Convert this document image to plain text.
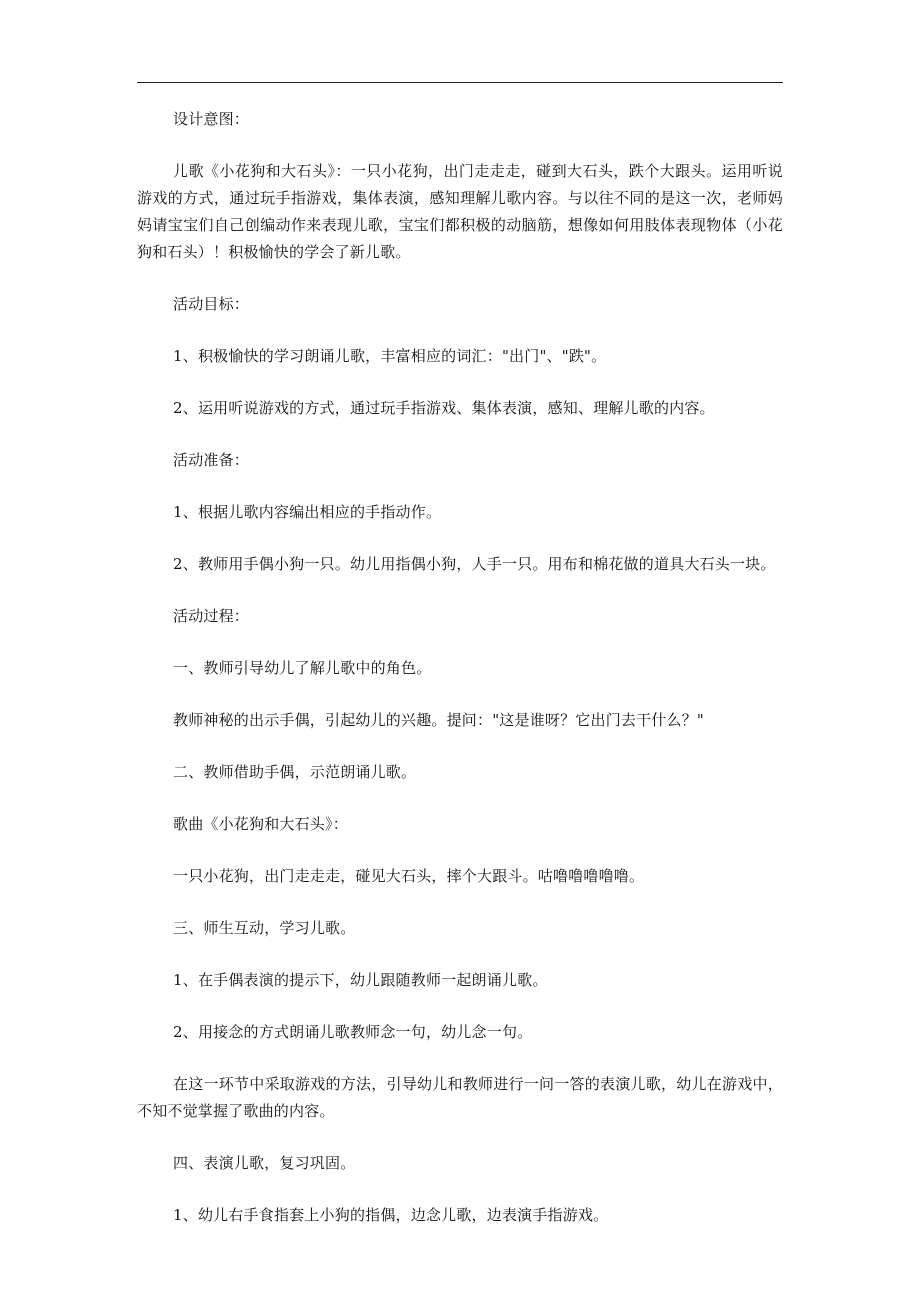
设计意图：

儿歌《小花狗和大石头》：一只小花狗，出门走走走，碰到大石头，跌个大跟头。运用听说游戏的方式，通过玩手指游戏，集体表演，感知理解儿歌内容。与以往不同的是这一次，老师妈妈请宝宝们自己创编动作来表现儿歌，宝宝们都积极的动脑筋，想像如何用肢体表现物体（小花狗和石头）！积极愉快的学会了新儿歌。

活动目标：

1、积极愉快的学习朗诵儿歌，丰富相应的词汇："出门"、"跌"。

2、运用听说游戏的方式，通过玩手指游戏、集体表演，感知、理解儿歌的内容。

活动准备：

1、根据儿歌内容编出相应的手指动作。

2、教师用手偶小狗一只。幼儿用指偶小狗，人手一只。用布和棉花做的道具大石头一块。

活动过程：

一、教师引导幼儿了解儿歌中的角色。

教师神秘的出示手偶，引起幼儿的兴趣。提问："这是谁呀？它出门去干什么？"

二、教师借助手偶，示范朗诵儿歌。

歌曲《小花狗和大石头》：

一只小花狗，出门走走走，碰见大石头，摔个大跟斗。咕噜噜噜噜噜。

三、师生互动，学习儿歌。

1、在手偶表演的提示下，幼儿跟随教师一起朗诵儿歌。

2、用接念的方式朗诵儿歌教师念一句，幼儿念一句。

在这一环节中采取游戏的方法，引导幼儿和教师进行一问一答的表演儿歌，幼儿在游戏中，不知不觉掌握了歌曲的内容。

四、表演儿歌，复习巩固。

1、幼儿右手食指套上小狗的指偶，边念儿歌，边表演手指游戏。
